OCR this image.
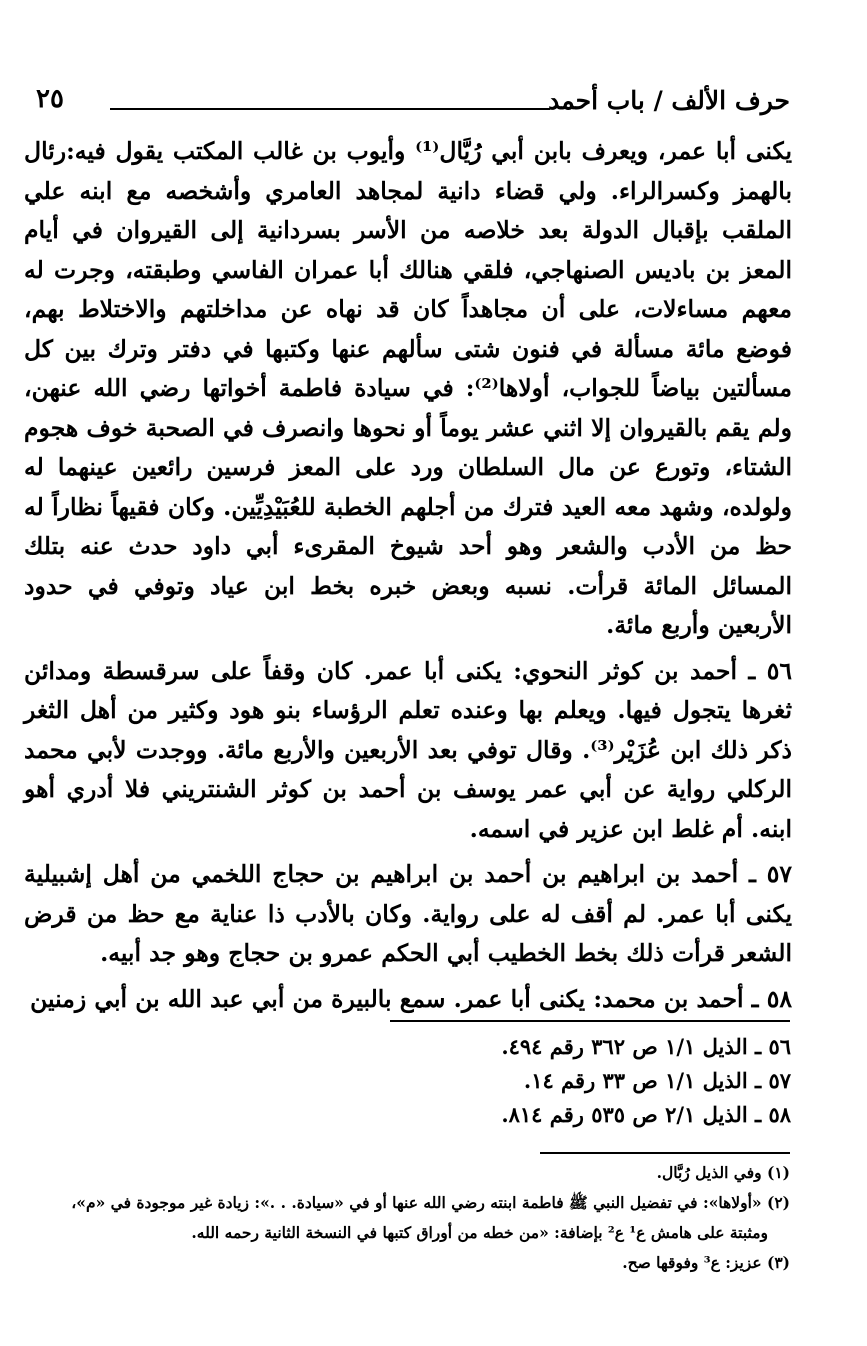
حرف الألف / باب أحمد
٢٥

يكنى أبا عمر، ويعرف بابن أبي رُيَّال⁽¹⁾ وأيوب بن غالب المكتب يقول فيه:رئال بالهمز وكسرالراء. ولي قضاء دانية لمجاهد العامري وأشخصه مع ابنه علي الملقب بإقبال الدولة بعد خلاصه من الأسر بسردانية إلى القيروان في أيام المعز بن باديس الصنهاجي، فلقي هنالك أبا عمران الفاسي وطبقته، وجرت له معهم مساءلات، على أن مجاهداً كان قد نهاه عن مداخلتهم والاختلاط بهم، فوضع مائة مسألة في فنون شتى سألهم عنها وكتبها في دفتر وترك بين كل مسألتين بياضاً للجواب، أولاها⁽²⁾: في سيادة فاطمة أخواتها رضي الله عنهن، ولم يقم بالقيروان إلا اثني عشر يوماً أو نحوها وانصرف في الصحبة خوف هجوم الشتاء، وتورع عن مال السلطان ورد على المعز فرسين رائعين عينهما له ولولده، وشهد معه العيد فترك من أجلهم الخطبة للعُبَيْدِيِّين. وكان فقيهاً نظاراً له حظ من الأدب والشعر وهو أحد شيوخ المقرىء أبي داود حدث عنه بتلك المسائل المائة قرأت. نسبه وبعض خبره بخط ابن عياد وتوفي في حدود الأربعين وأربع مائة.

٥٦ ـ أحمد بن كوثر النحوي: يكنى أبا عمر. كان وقفاً على سرقسطة ومدائن ثغرها يتجول فيها. ويعلم بها وعنده تعلم الرؤساء بنو هود وكثير من أهل الثغر ذكر ذلك ابن عُزَيْر⁽³⁾. وقال توفي بعد الأربعين والأربع مائة. ووجدت لأبي محمد الركلي رواية عن أبي عمر يوسف بن أحمد بن كوثر الشنتريني فلا أدري أهو ابنه. أم غلط ابن عزير في اسمه.

٥٧ ـ أحمد بن ابراهيم بن أحمد بن ابراهيم بن حجاج اللخمي من أهل إشبيلية يكنى أبا عمر. لم أقف له على رواية. وكان بالأدب ذا عناية مع حظ من قرض الشعر قرأت ذلك بخط الخطيب أبي الحكم عمرو بن حجاج وهو جد أبيه.

٥٨ ـ أحمد بن محمد: يكنى أبا عمر. سمع بالبيرة من أبي عبد الله بن أبي زمنين

٥٦ ـ الذيل ١/١ ص ٣٦٢ رقم ٤٩٤.
٥٧ ـ الذيل ١/١ ص ٣٣ رقم ١٤.
٥٨ ـ الذيل ٢/١ ص ٥٣٥ رقم ٨١٤.
(١) وفي الذيل رُبَّال.
(٢) «أولاها»: في تفضيل النبي ﷺ فاطمة ابنته رضي الله عنها أو في «سيادة. . .»: زيادة غير موجودة في «م»،
ومثبتة على هامش ع¹ ع² بإضافة: «من خطه من أوراق كتبها في النسخة الثانية رحمه الله.
(٣) عزيز: ع³ وفوقها صح.
